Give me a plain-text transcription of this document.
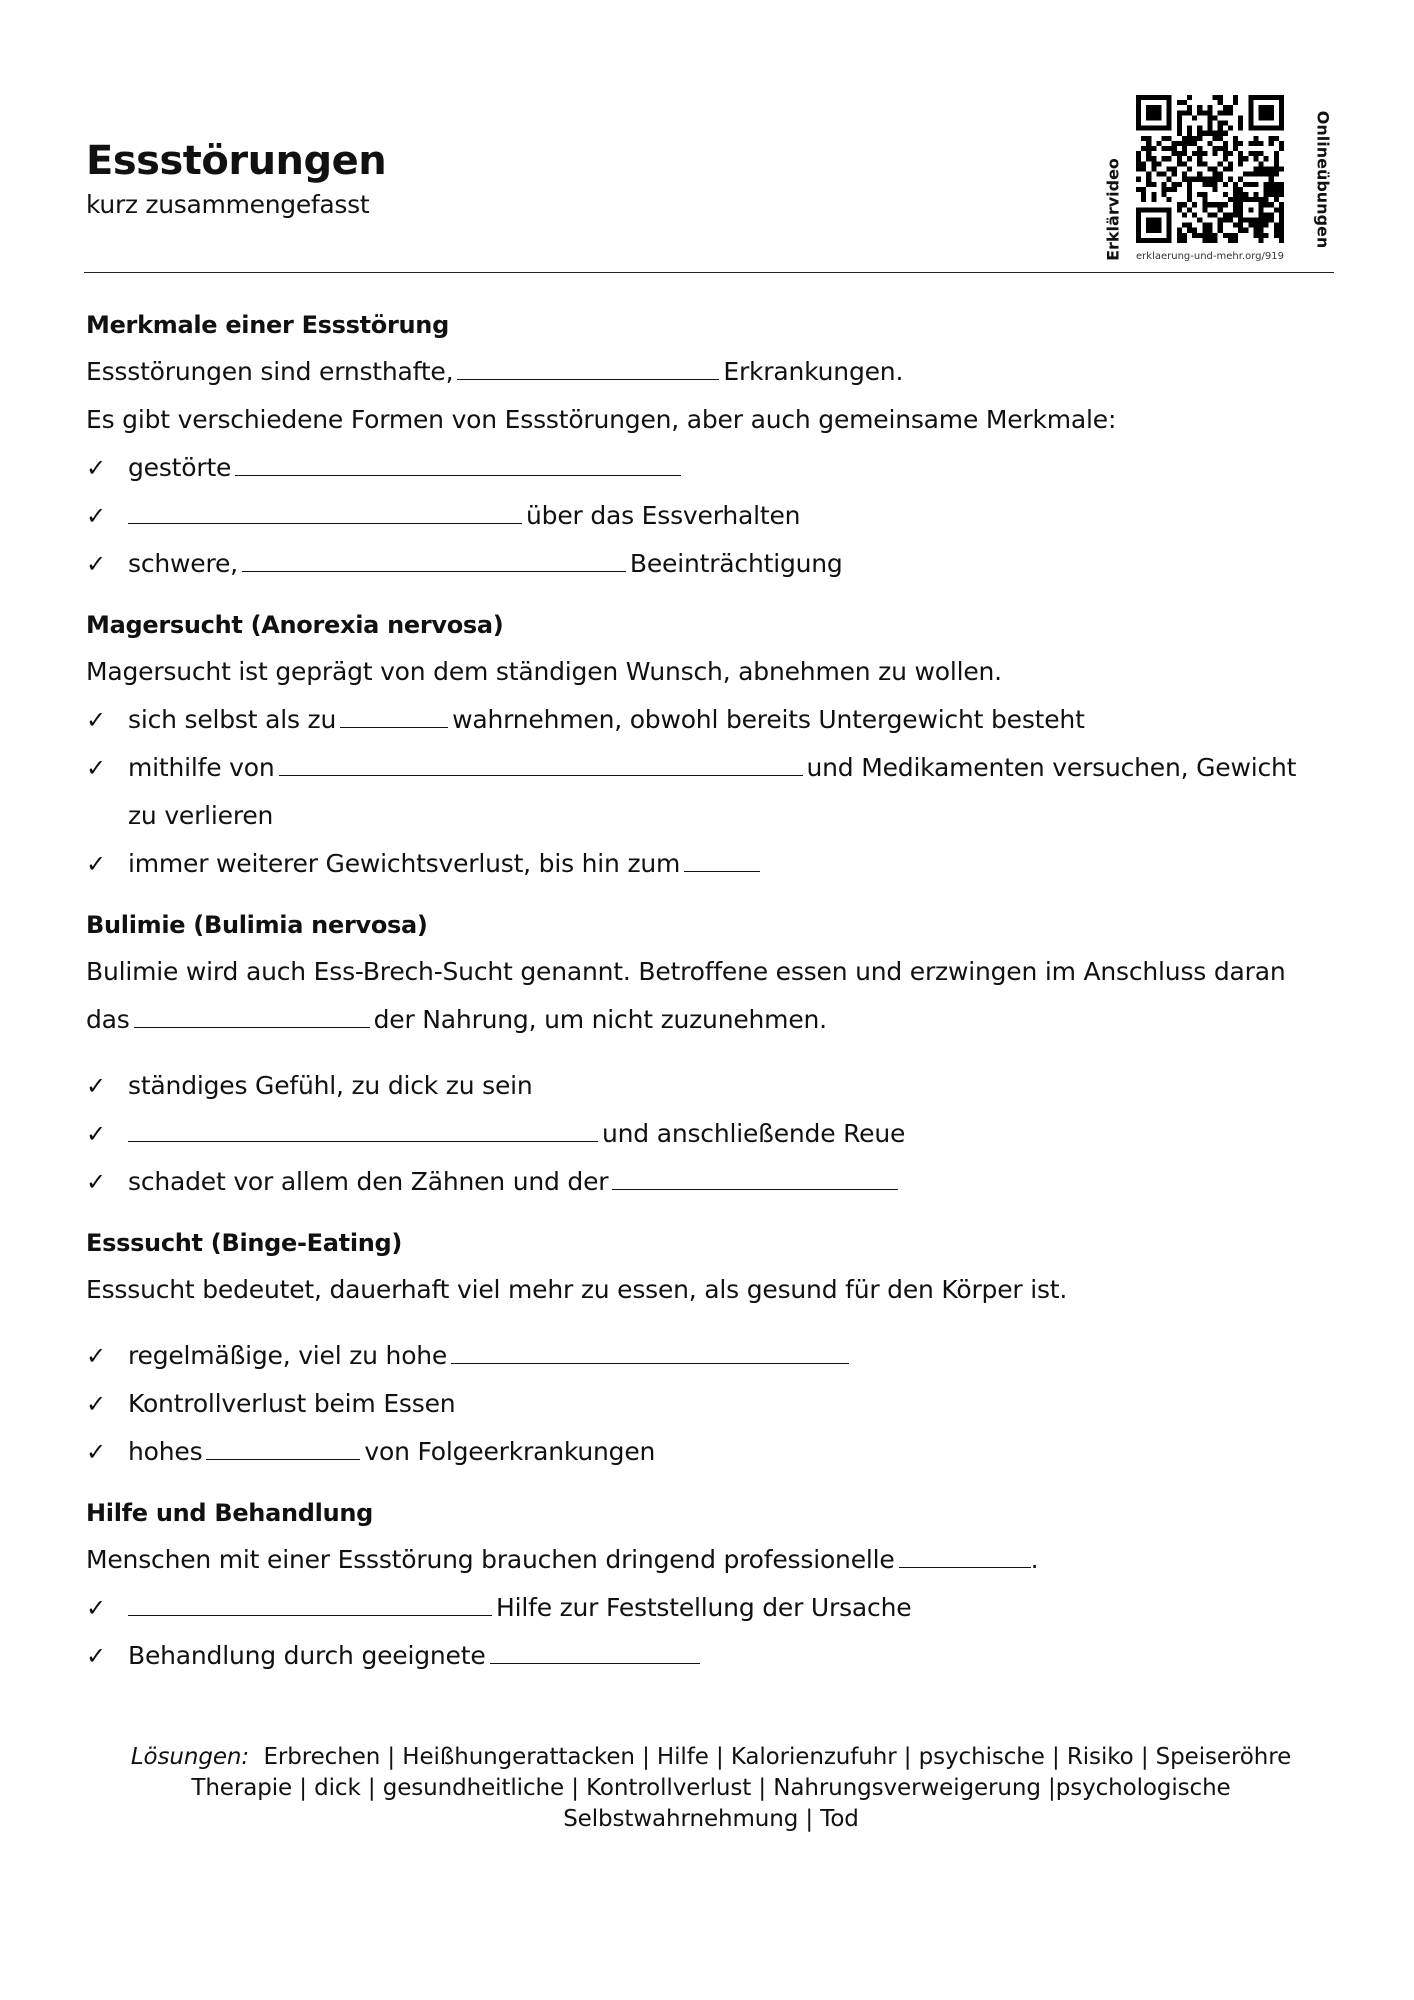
Essstörungen
kurz zusammengefasst	Erklärvideo	Onlineübungen
erklaerung-und-mehr.org/919
Merkmale einer Essstörung
Essstörungen sind ernsthafte,	Erkrankungen.
Es gibt verschiedene Formen von Essstörungen, aber auch gemeinsame Merkmale:
✓ gestörte
✓	über das Essverhalten
✓ schwere,	Beeinträchtigung
Magersucht (Anorexia nervosa)
Magersucht ist geprägt von dem ständigen Wunsch, abnehmen zu wollen.
✓ sich selbst als zu	wahrnehmen, obwohl bereits Untergewicht besteht
✓ mithilfe von	und Medikamenten versuchen, Gewicht
zu verlieren
✓ immer weiterer Gewichtsverlust, bis hin zum
Bulimie (Bulimia nervosa)
Bulimie wird auch Ess-Brech-Sucht genannt. Betroffene essen und erzwingen im Anschluss daran
das	der Nahrung, um nicht zuzunehmen.
✓ ständiges Gefühl, zu dick zu sein
✓	und anschließende Reue
✓ schadet vor allem den Zähnen und der
Esssucht (Binge-Eating)
Esssucht bedeutet, dauerhaft viel mehr zu essen, als gesund für den Körper ist.
✓ regelmäßige, viel zu hohe
✓ Kontrollverlust beim Essen
✓ hohes	von Folgeerkrankungen
Hilfe und Behandlung
Menschen mit einer Essstörung brauchen dringend professionelle	.
✓	Hilfe zur Feststellung der Ursache
✓ Behandlung durch geeignete
Lösungen: Erbrechen | Heißhungerattacken | Hilfe | Kalorienzufuhr | psychische | Risiko | Speiseröhre
Therapie | dick | gesundheitliche | Kontrollverlust | Nahrungsverweigerung |psychologische
Selbstwahrnehmung | Tod
